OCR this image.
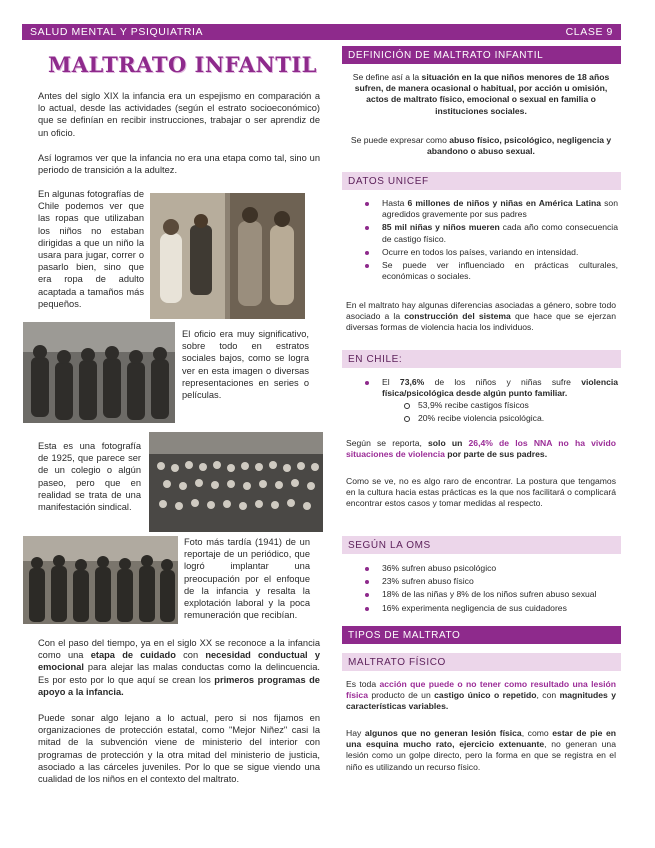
SALUD MENTAL Y PSIQUIATRIA	CLASE 9
MALTRATO INFANTIL

Antes del siglo XIX la infancia era un espejismo en comparación a lo actual, desde las actividades (según el estrato socioeconómico) que se definían en recibir instrucciones, trabajar o ser aprendiz de un oficio.

Así logramos ver que la infancia no era una etapa como tal, sino un periodo de transición a la adultez.

En algunas fotografías de Chile podemos ver que las ropas que utilizaban los niños no estaban dirigidas a que un niño la usara para jugar, correr o pasarlo bien, sino que era ropa de adulto acaptada a tamaños más pequeños.

El oficio era muy significativo, sobre todo en estratos sociales bajos, como se logra ver en esta imagen o diversas representaciones en series o películas.

Esta es una fotografía de 1925, que parece ser de un colegio o algún paseo, pero que en realidad se trata de una manifestación sindical.

Foto más tardía (1941) de un reportaje de un periódico, que logró implantar una preocupación por el enfoque de la infancia y resalta la explotación laboral y la poca remuneración que recibían.

Con el paso del tiempo, ya en el siglo XX se reconoce a la infancia como una etapa de cuidado con necesidad conductual y emocional para alejar las malas conductas como la delincuencia. Es por esto por lo que aquí se crean los primeros programas de apoyo a la infancia.

Puede sonar algo lejano a lo actual, pero si nos fijamos en organizaciones de protección estatal, como "Mejor Niñez" casi la mitad de la subvención viene de ministerio del interior con programas de protección y la otra mitad del ministerio de justicia, asociado a las cárceles juveniles. Por lo que se sigue viendo una cualidad de los niños en el contexto del maltrato.

DEFINICIÓN DE MALTRATO INFANTIL

Se define así a la situación en la que niños menores de 18 años sufren, de manera ocasional o habitual, por acción u omisión, actos de maltrato físico, emocional o sexual en familia o instituciones sociales.

Se puede expresar como abuso físico, psicológico, negligencia y abandono o abuso sexual.

DATOS UNICEF
Hasta 6 millones de niños y niñas en América Latina son agredidos gravemente por sus padres
85 mil niñas y niños mueren cada año como consecuencia de castigo físico.
Ocurre en todos los países, variando en intensidad.
Se puede ver influenciado en prácticas culturales, económicas o sociales.

En el maltrato hay algunas diferencias asociadas a género, sobre todo asociado a la construcción del sistema que hace que se ejerzan diversas formas de violencia hacia los individuos.

EN CHILE:
El 73,6% de los niños y niñas sufre violencia física/psicológica desde algún punto familiar.
53,9% recibe castigos físicos
20% recibe violencia psicológica.

Según se reporta, solo un 26,4% de los NNA no ha vivido situaciones de violencia por parte de sus padres.

Como se ve, no es algo raro de encontrar. La postura que tengamos en la cultura hacia estas prácticas es la que nos facilitará o complicará encontrar estos casos y tomar medidas al respecto.

SEGÚN LA OMS
36% sufren abuso psicológico
23% sufren abuso físico
18% de las niñas y 8% de los niños sufren abuso sexual
16% experimenta negligencia de sus cuidadores
TIPOS DE MALTRATO
MALTRATO FÍSICO

Es toda acción que puede o no tener como resultado una lesión física producto de un castigo único o repetido, con magnitudes y características variables.

Hay algunos que no generan lesión física, como estar de pie en una esquina mucho rato, ejercicio extenuante, no generan una lesión como un golpe directo, pero la forma en que se registra en el niño es utilizando un recurso físico.
